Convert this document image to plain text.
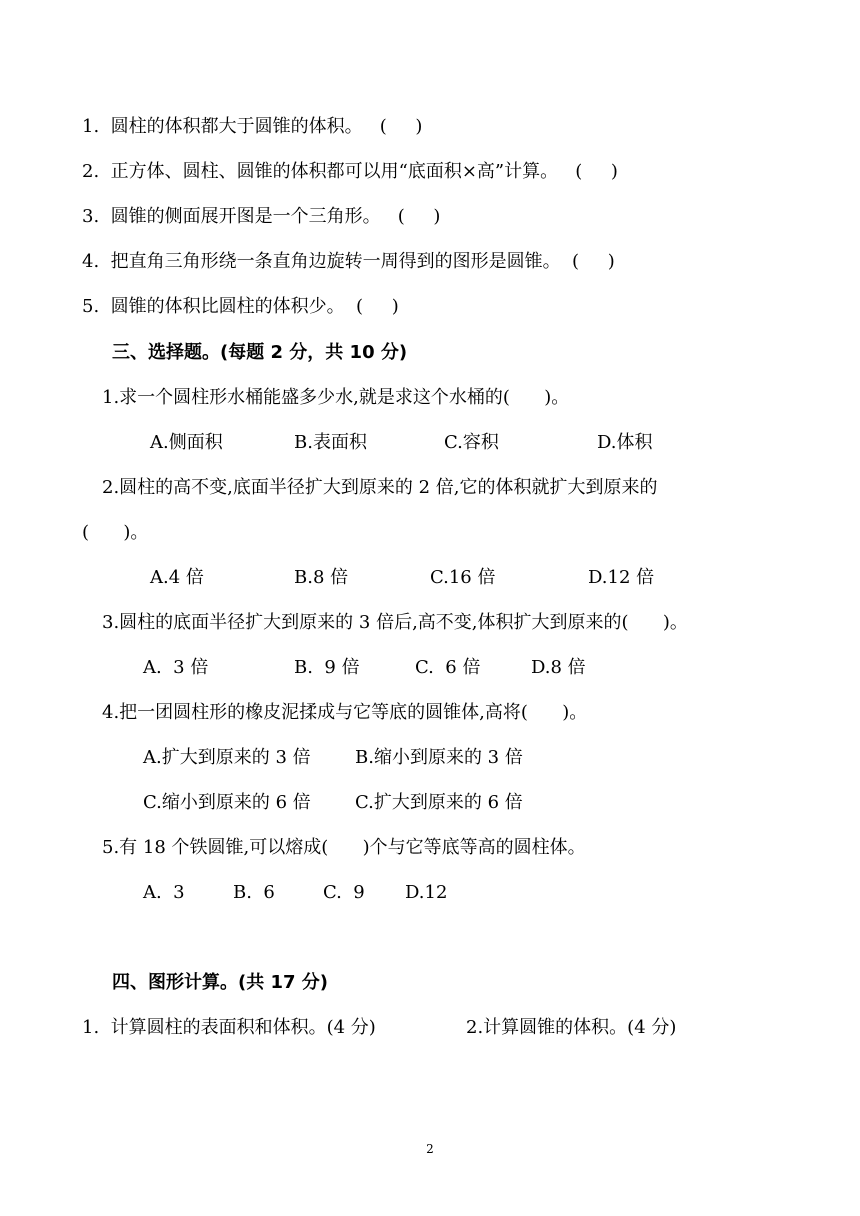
1.  圆柱的体积都大于圆锥的体积。   (     )
2.  正方体、圆柱、圆锥的体积都可以用“底面积×高”计算。   (     )
3.  圆锥的侧面展开图是一个三角形。   (     )
4.  把直角三角形绕一条直角边旋转一周得到的图形是圆锥。  (     )
5.  圆锥的体积比圆柱的体积少。  (     )
三、选择题。(每题 2 分，共 10 分)
1.求一个圆柱形水桶能盛多少水,就是求这个水桶的(      )。
A.侧面积	B.表面积	C.容积	D.体积
2.圆柱的高不变,底面半径扩大到原来的 2 倍,它的体积就扩大到原来的
(      )。
A.4 倍	B.8 倍	C.16 倍	D.12 倍
3.圆柱的底面半径扩大到原来的 3 倍后,高不变,体积扩大到原来的(      )。
A.  3 倍	B.  9 倍	C.  6 倍	D.8 倍
4.把一团圆柱形的橡皮泥揉成与它等底的圆锥体,高将(      )。
A.扩大到原来的 3 倍 B.缩小到原来的 3 倍
C.缩小到原来的 6 倍 C.扩大到原来的 6 倍
5.有 18 个铁圆锥,可以熔成(      )个与它等底等高的圆柱体。
A.  3	B.  6	C.  9 D.12
四、图形计算。(共 17 分)
1.  计算圆柱的表面积和体积。(4 分)	2.计算圆锥的体积。(4 分)
2
